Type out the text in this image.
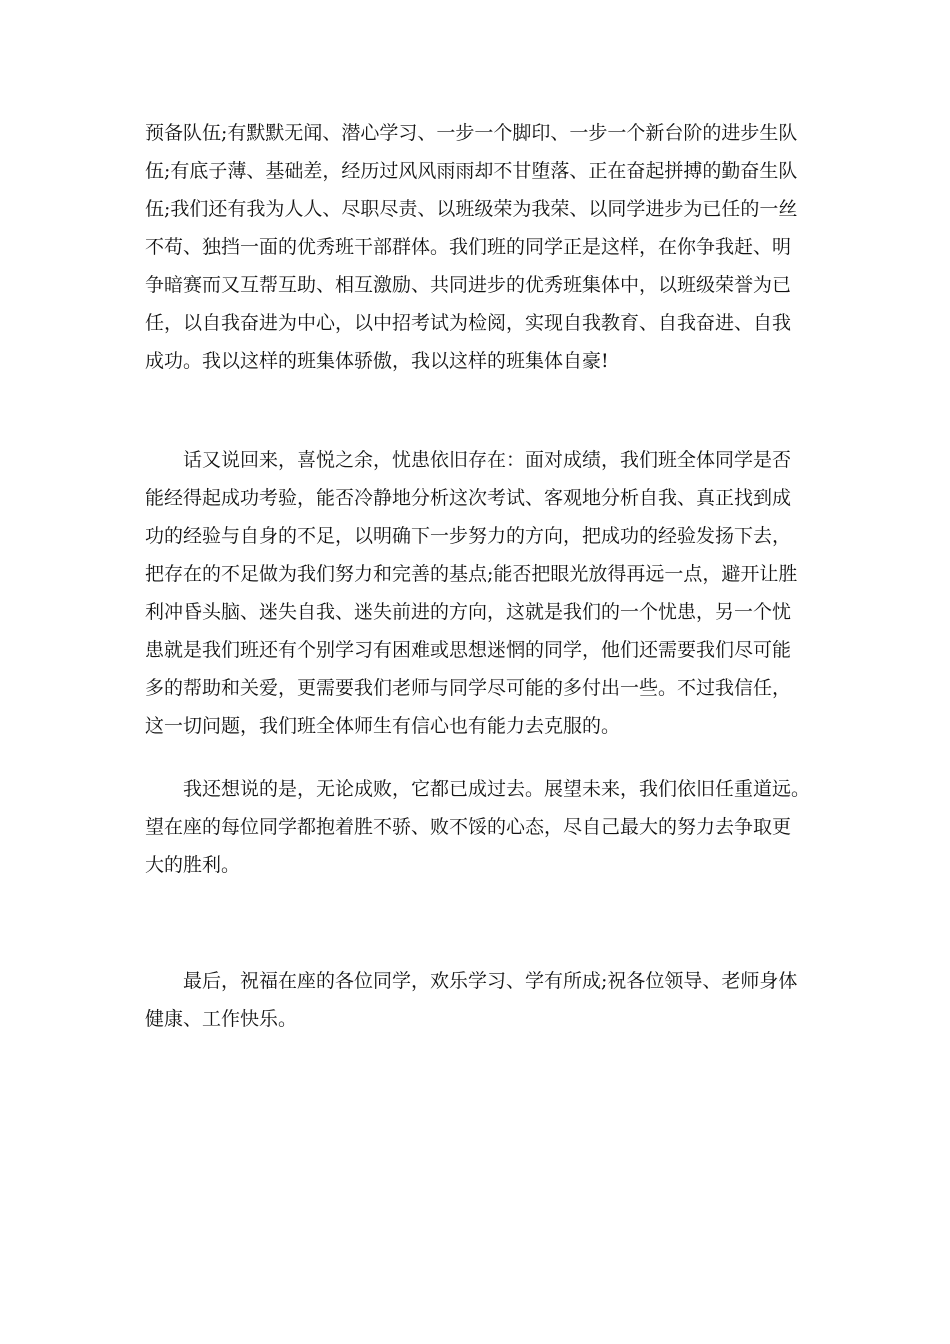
预备队伍;有默默无闻、潜心学习、一步一个脚印、一步一个新台阶的进步生队
伍;有底子薄、基础差，经历过风风雨雨却不甘堕落、正在奋起拼搏的勤奋生队
伍;我们还有我为人人、尽职尽责、以班级荣为我荣、以同学进步为已任的一丝
不苟、独挡一面的优秀班干部群体。我们班的同学正是这样，在你争我赶、明
争暗赛而又互帮互助、相互激励、共同进步的优秀班集体中，以班级荣誉为已
任，以自我奋进为中心，以中招考试为检阅，实现自我教育、自我奋进、自我
成功。我以这样的班集体骄傲，我以这样的班集体自豪!

话又说回来，喜悦之余，忧患依旧存在：面对成绩，我们班全体同学是否
能经得起成功考验，能否冷静地分析这次考试、客观地分析自我、真正找到成
功的经验与自身的不足，以明确下一步努力的方向，把成功的经验发扬下去，
把存在的不足做为我们努力和完善的基点;能否把眼光放得再远一点，避开让胜
利冲昏头脑、迷失自我、迷失前进的方向，这就是我们的一个忧患，另一个忧
患就是我们班还有个别学习有困难或思想迷惘的同学，他们还需要我们尽可能
多的帮助和关爱，更需要我们老师与同学尽可能的多付出一些。不过我信任，
这一切问题，我们班全体师生有信心也有能力去克服的。

我还想说的是，无论成败，它都已成过去。展望未来，我们依旧任重道远。
望在座的每位同学都抱着胜不骄、败不馁的心态，尽自己最大的努力去争取更
大的胜利。

最后，祝福在座的各位同学，欢乐学习、学有所成;祝各位领导、老师身体
健康、工作快乐。
